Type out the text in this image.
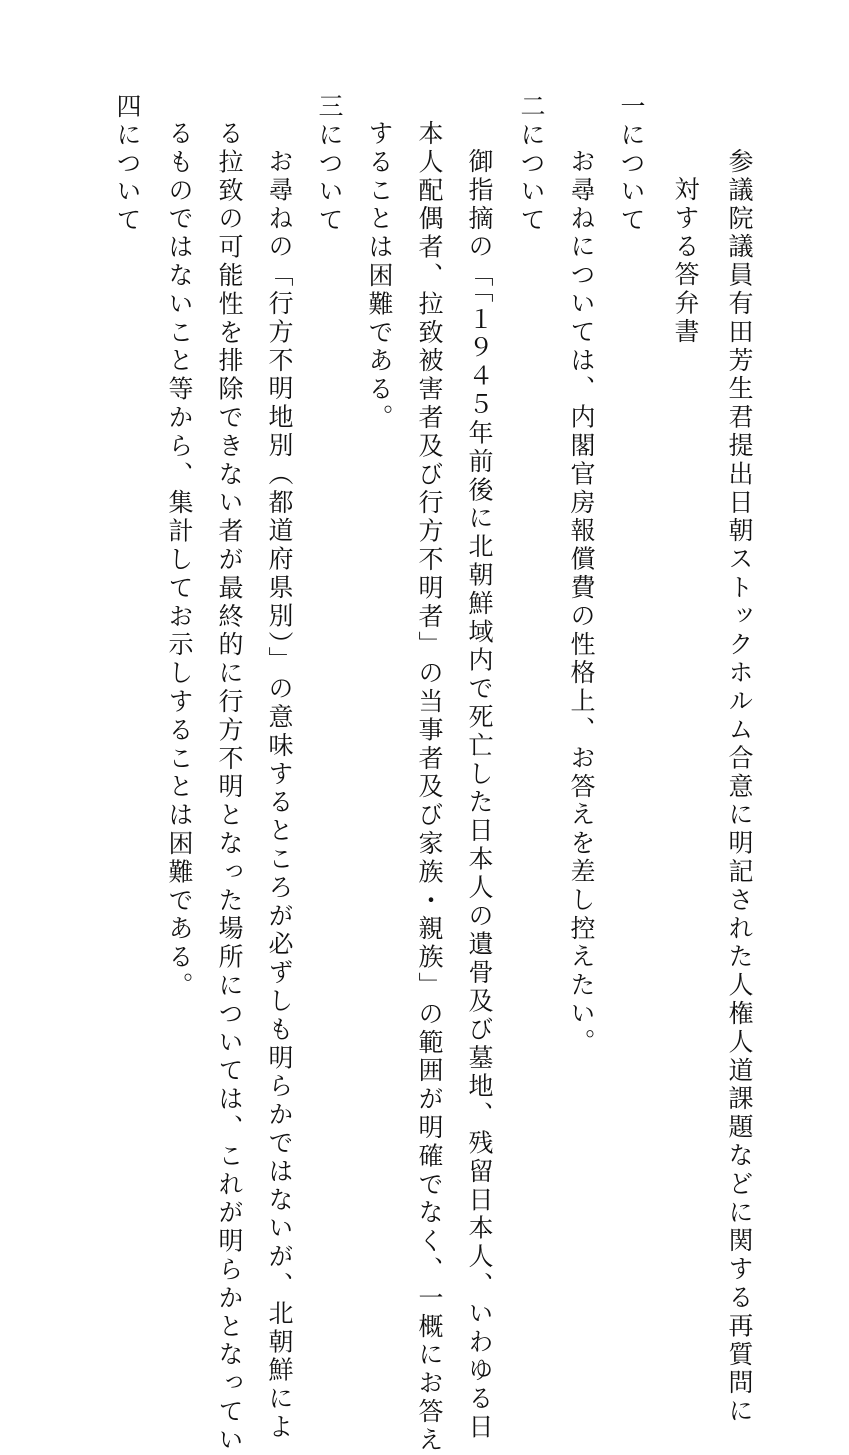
参議院議員有田芳生君提出日朝ストックホルム合意に明記された人権人道課題などに関する再質問に
対する答弁書
一について
お尋ねについては、内閣官房報償費の性格上、お答えを差し控えたい。
二について
御指摘の「「１９４５年前後に北朝鮮域内で死亡した日本人の遺骨及び墓地、残留日本人、いわゆる日
本人配偶者、拉致被害者及び行方不明者」の当事者及び家族・親族」の範囲が明確でなく、一概にお答え
することは困難である。
三について
お尋ねの「行方不明地別（都道府県別）」の意味するところが必ずしも明らかではないが、北朝鮮によ
る拉致の可能性を排除できない者が最終的に行方不明となった場所については、これが明らかとなってい
るものではないこと等から、集計してお示しすることは困難である。
四について
